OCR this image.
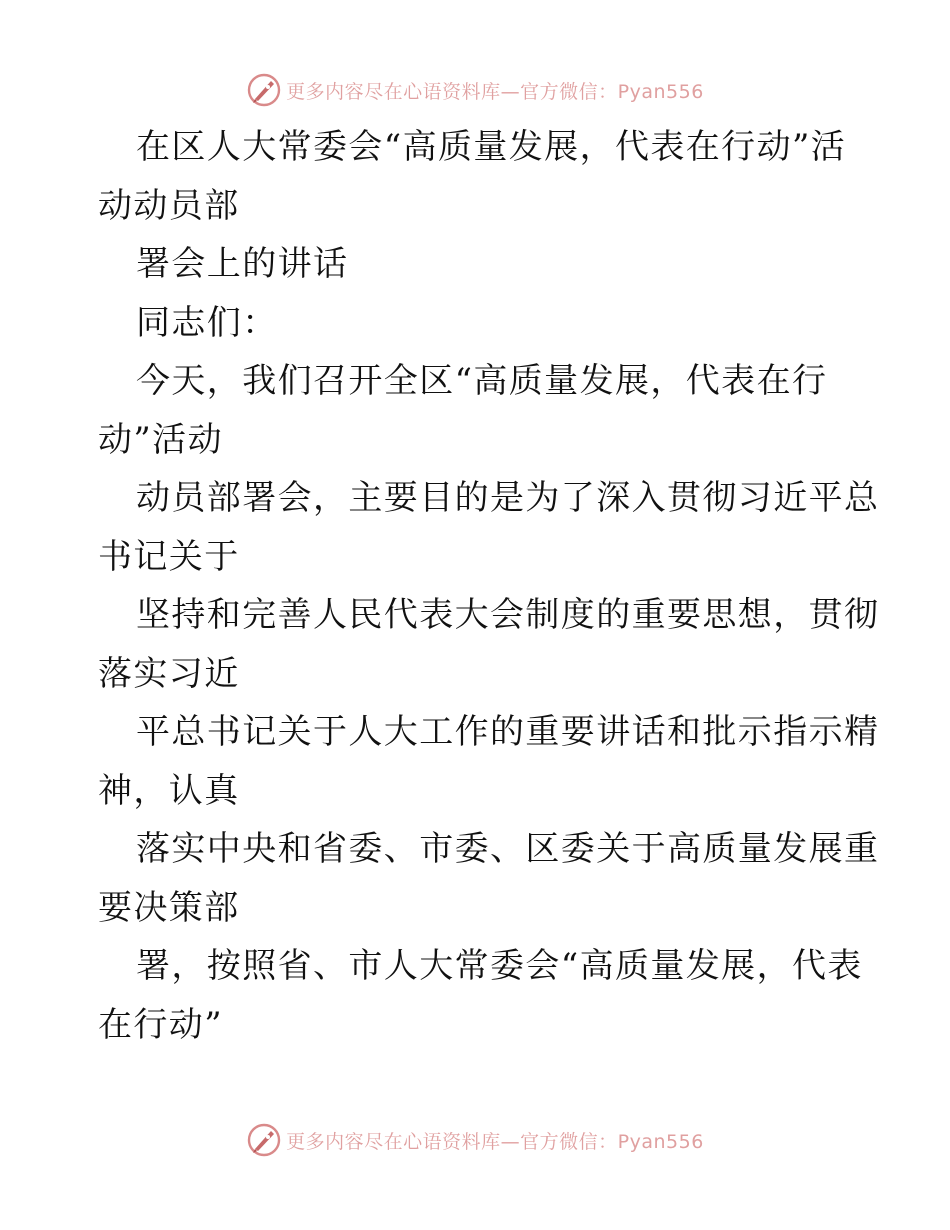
更多内容尽在心语资料库—官方微信：Pyan556

在区人大常委会“高质量发展，代表在行动”活
动动员部

署会上的讲话

同志们：

今天，我们召开全区“高质量发展，代表在行
动”活动

动员部署会，主要目的是为了深入贯彻习近平总
书记关于

坚持和完善人民代表大会制度的重要思想，贯彻
落实习近

平总书记关于人大工作的重要讲话和批示指示精
神，认真

落实中央和省委、市委、区委关于高质量发展重
要决策部

署，按照省、市人大常委会“高质量发展，代表
在行动”

更多内容尽在心语资料库—官方微信：Pyan556
